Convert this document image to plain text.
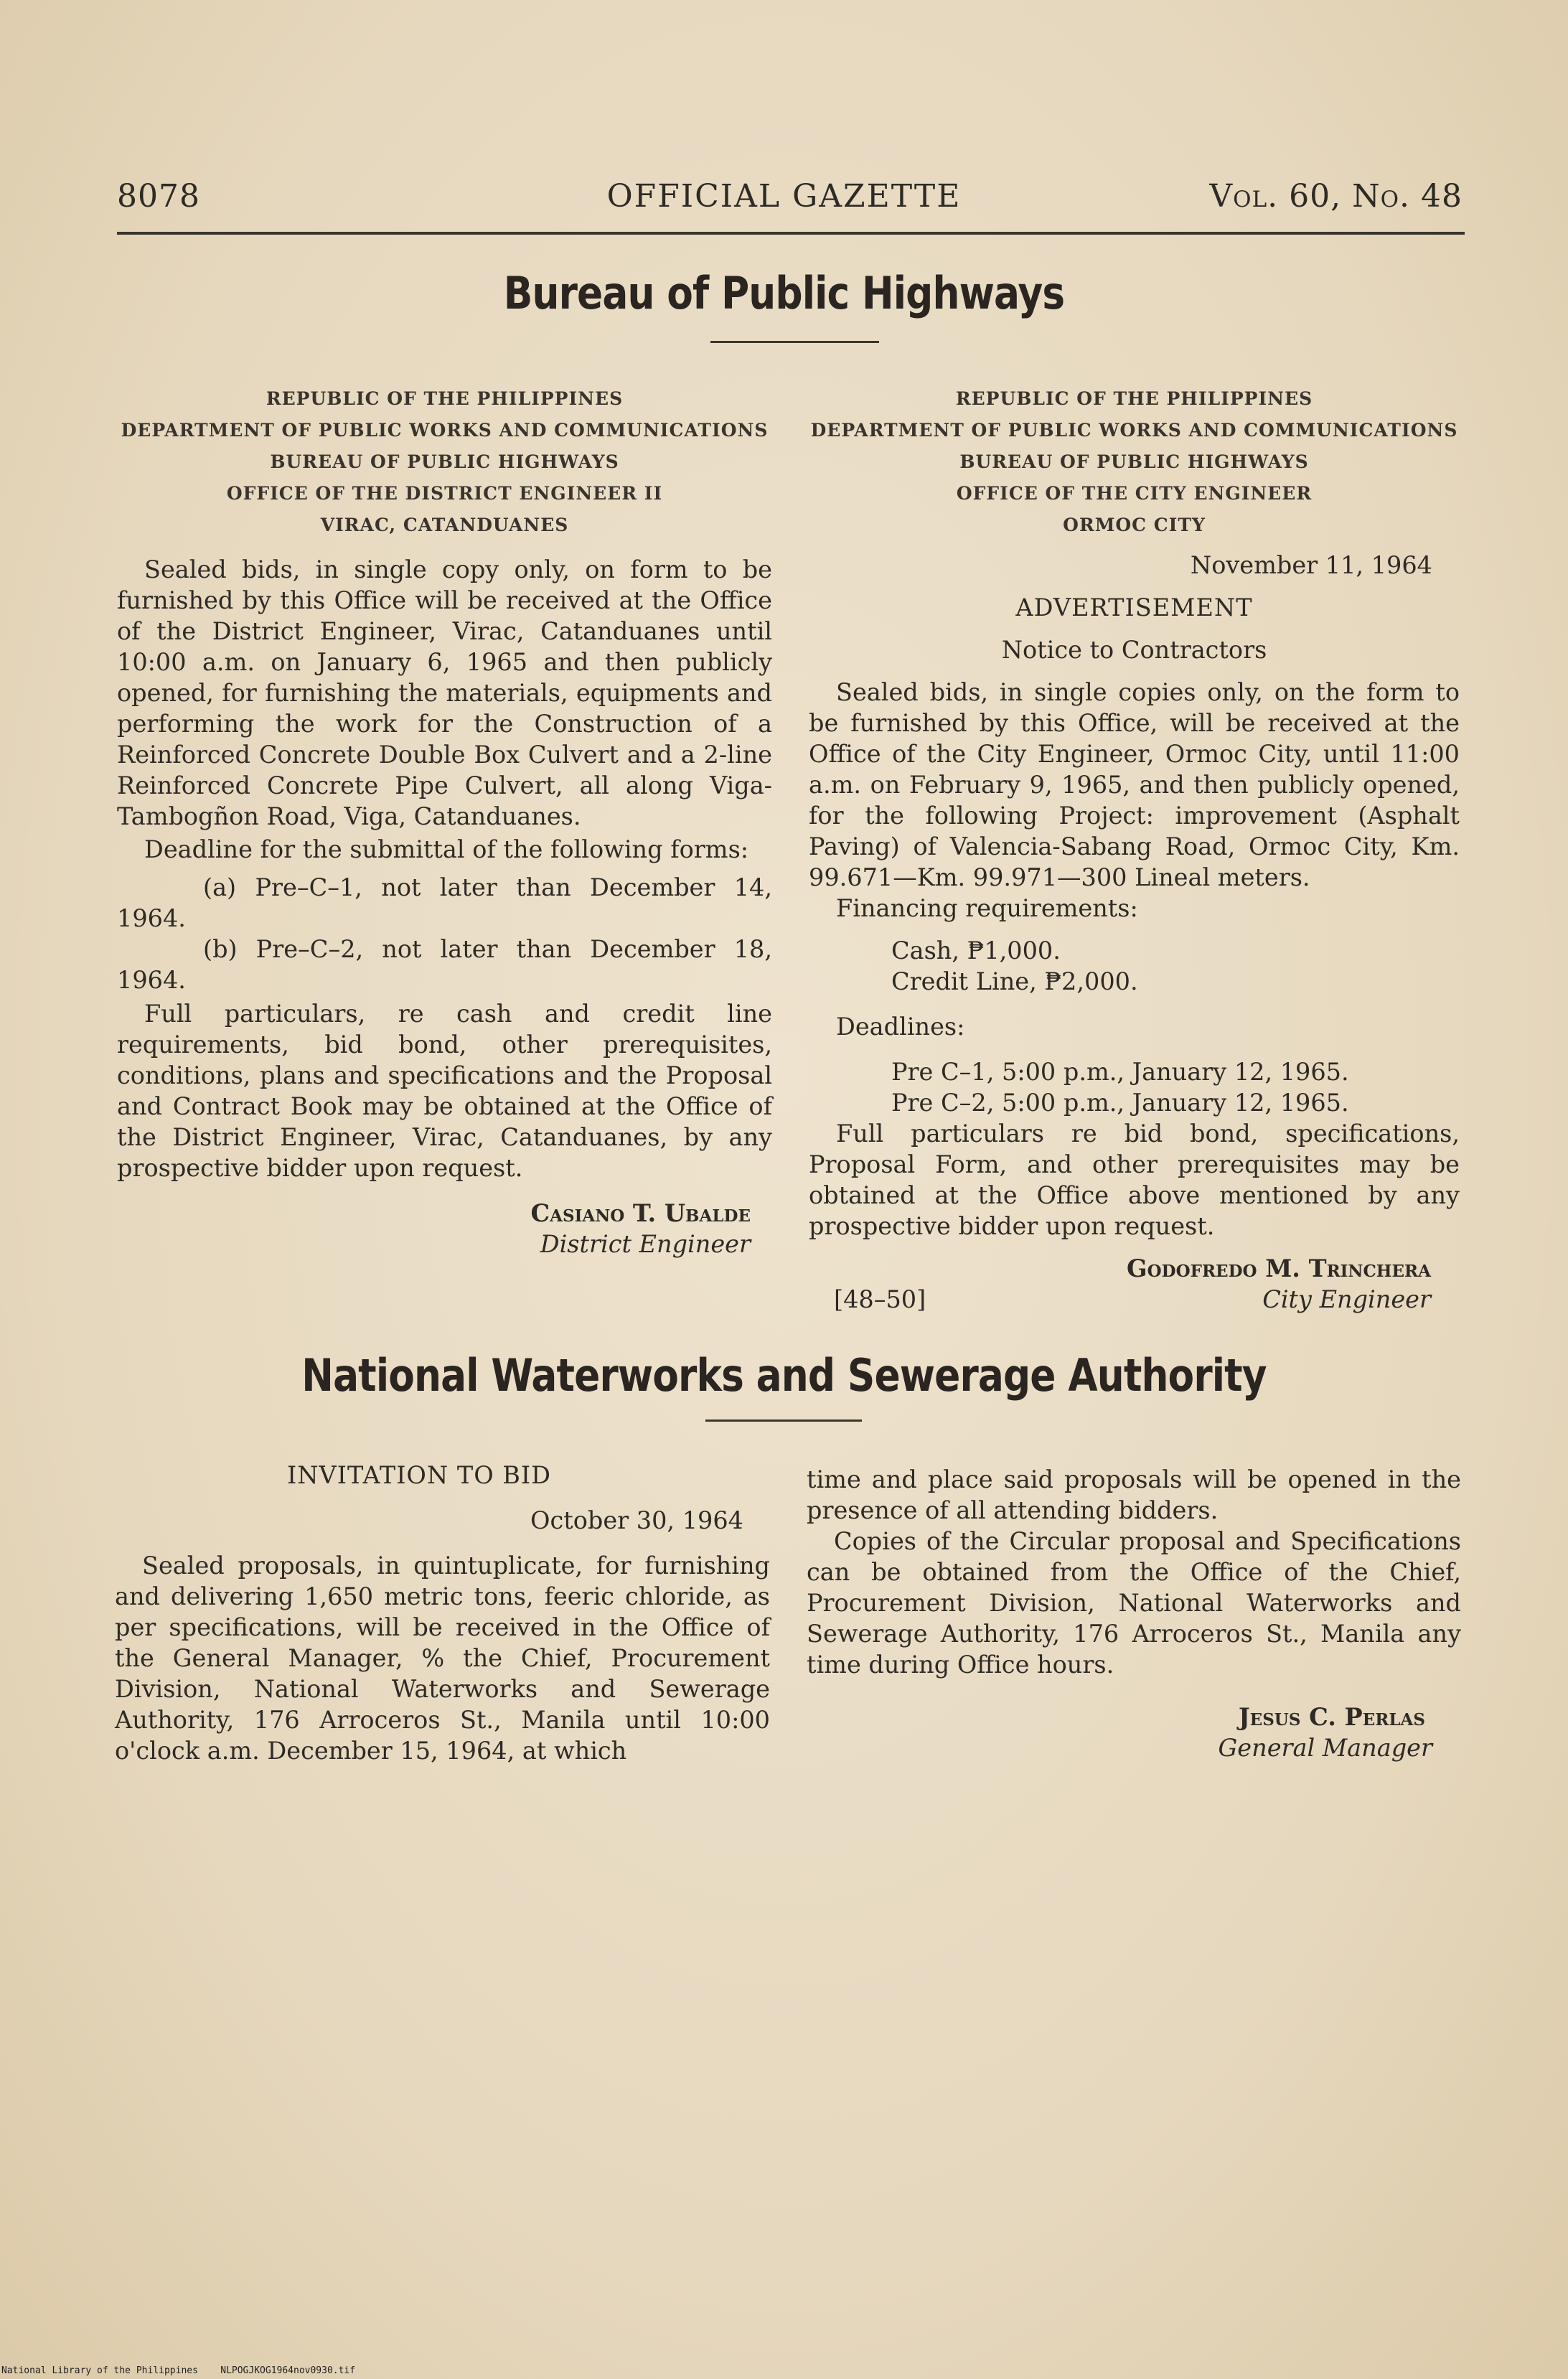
8078	OFFICIAL GAZETTE	Vol. 60, No. 48
Bureau of Public Highways
REPUBLIC OF THE PHILIPPINES
DEPARTMENT OF PUBLIC WORKS AND COMMUNICATIONS
BUREAU OF PUBLIC HIGHWAYS
OFFICE OF THE DISTRICT ENGINEER II
VIRAC, CATANDUANES

Sealed bids, in single copy only, on form to be furnished by this Office will be received at the Office of the District Engineer, Virac, Catanduanes until 10:00 a.m. on January 6, 1965 and then publicly opened, for furnishing the materials, equipments and performing the work for the Construction of a Reinforced Concrete Double Box Culvert and a 2-line Reinforced Concrete Pipe Culvert, all along Viga-Tambogñon Road, Viga, Catanduanes.

Deadline for the submittal of the following forms:

(a) Pre–C–1, not later than December 14, 1964.

(b) Pre–C–2, not later than December 18, 1964.

Full particulars, re cash and credit line requirements, bid bond, other prerequisites, conditions, plans and specifications and the Proposal and Contract Book may be obtained at the Office of the District Engineer, Virac, Catanduanes, by any prospective bidder upon request.

Casiano T. Ubalde

District Engineer

REPUBLIC OF THE PHILIPPINES
DEPARTMENT OF PUBLIC WORKS AND COMMUNICATIONS
BUREAU OF PUBLIC HIGHWAYS
OFFICE OF THE CITY ENGINEER
ORMOC CITY

November 11, 1964

ADVERTISEMENT

Notice to Contractors

Sealed bids, in single copies only, on the form to be furnished by this Office, will be received at the Office of the City Engineer, Ormoc City, until 11:00 a.m. on February 9, 1965, and then publicly opened, for the following Project: improvement (Asphalt Paving) of Valencia-Sabang Road, Ormoc City, Km. 99.671—Km. 99.971—300 Lineal meters.

Financing requirements:

Cash, ₱1,000.

Credit Line, ₱2,000.

Deadlines:

Pre C–1, 5:00 p.m., January 12, 1965.

Pre C–2, 5:00 p.m., January 12, 1965.

Full particulars re bid bond, specifications, Proposal Form, and other prerequisites may be obtained at the Office above mentioned by any prospective bidder upon request.

Godofredo M. Trinchera

[48–50]	City Engineer

National Waterworks and Sewerage Authority

INVITATION TO BID

October 30, 1964

Sealed proposals, in quintuplicate, for furnishing and delivering 1,650 metric tons, feeric chloride, as per specifications, will be received in the Office of the General Manager, % the Chief, Procurement Division, National Waterworks and Sewerage Authority, 176 Arroceros St., Manila until 10:00 o'clock a.m. December 15, 1964, at which

time and place said proposals will be opened in the presence of all attending bidders.

Copies of the Circular proposal and Specifications can be obtained from the Office of the Chief, Procurement Division, National Waterworks and Sewerage Authority, 176 Arroceros St., Manila any time during Office hours.

Jesus C. Perlas

General Manager

National Library of the Philippines NLPOGJKOG1964nov0930.tif
